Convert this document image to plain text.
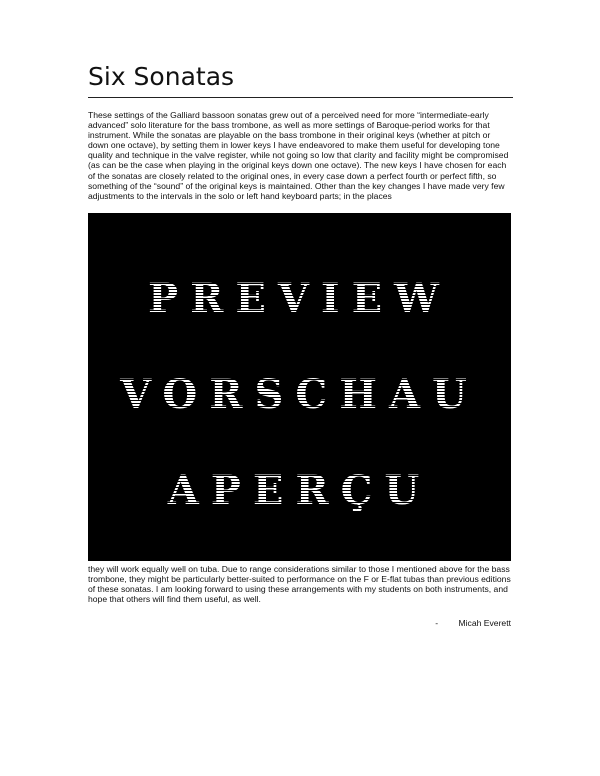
Six Sonatas

These settings of the Galliard bassoon sonatas grew out of a perceived need for more “intermediate-early advanced” solo literature for the bass trombone, as well as more settings of Baroque-period works for that instrument. While the sonatas are playable on the bass trombone in their original keys (whether at pitch or down one octave), by setting them in lower keys I have endeavored to make them useful for developing tone quality and technique in the valve register, while not going so low that clarity and facility might be compromised (as can be the case when playing in the original keys down one octave). The new keys I have chosen for each of the sonatas are closely related to the original ones, in every case down a perfect fourth or perfect fifth, so something of the “sound” of the original keys is maintained. Other than the key changes I have made very few adjustments to the intervals in the solo or left hand keyboard parts; in the places

PREVIEW
VORSCHAU
APERÇU

they will work equally well on tuba. Due to range considerations similar to those I mentioned above for the bass trombone, they might be particularly better-suited to performance on the F or E-flat tubas than previous editions of these sonatas. I am looking forward to using these arrangements with my students on both instruments, and hope that others will find them useful, as well.

- Micah Everett
